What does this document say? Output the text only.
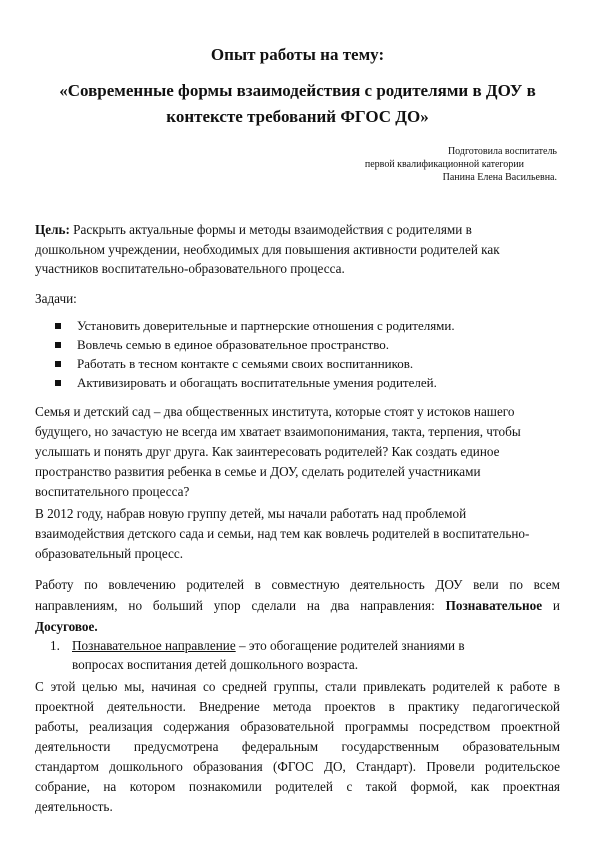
Опыт работы на тему:
«Современные формы взаимодействия с родителями в ДОУ в
контексте требований ФГОС ДО»
Подготовила воспитатель
первой квалификационной категории
Панина Елена Васильевна.
Цель: Раскрыть актуальные формы и методы взаимодействия с родителями в
дошкольном учреждении, необходимых для повышения активности родителей как
участников воспитательно-образовательного процесса.
Задачи:
Установить доверительные и партнерские отношения с родителями.
Вовлечь семью в единое образовательное пространство.
Работать в тесном контакте с семьями своих воспитанников.
Активизировать и обогащать воспитательные умения родителей.
Семья и детский сад – два общественных института, которые стоят у истоков нашего
будущего, но зачастую не всегда им хватает взаимопонимания, такта, терпения, чтобы
услышать и понять друг друга. Как заинтересовать родителей? Как создать единое
пространство развития ребенка в семье и ДОУ, сделать родителей участниками
воспитательного процесса?
В 2012 году, набрав новую группу детей, мы начали работать над проблемой
взаимодействия детского сада и семьи, над тем как вовлечь родителей в воспитательно-
образовательный процесс.
Работу по вовлечению родителей в совместную деятельность ДОУ вели по всем
направлениям, но больший упор сделали на два направления: Познавательное и
Досуговое.
1. Познавательное направление – это обогащение родителей знаниями в
вопросах воспитания детей дошкольного возраста.
С этой целью мы, начиная со средней группы, стали привлекать родителей к работе в
проектной деятельности. Внедрение метода проектов в практику педагогической
работы, реализация содержания образовательной программы посредством проектной
деятельности предусмотрена федеральным государственным образовательным
стандартом дошкольного образования (ФГОС ДО, Стандарт). Провели родительское
собрание, на котором познакомили родителей с такой формой, как проектная
деятельность.
